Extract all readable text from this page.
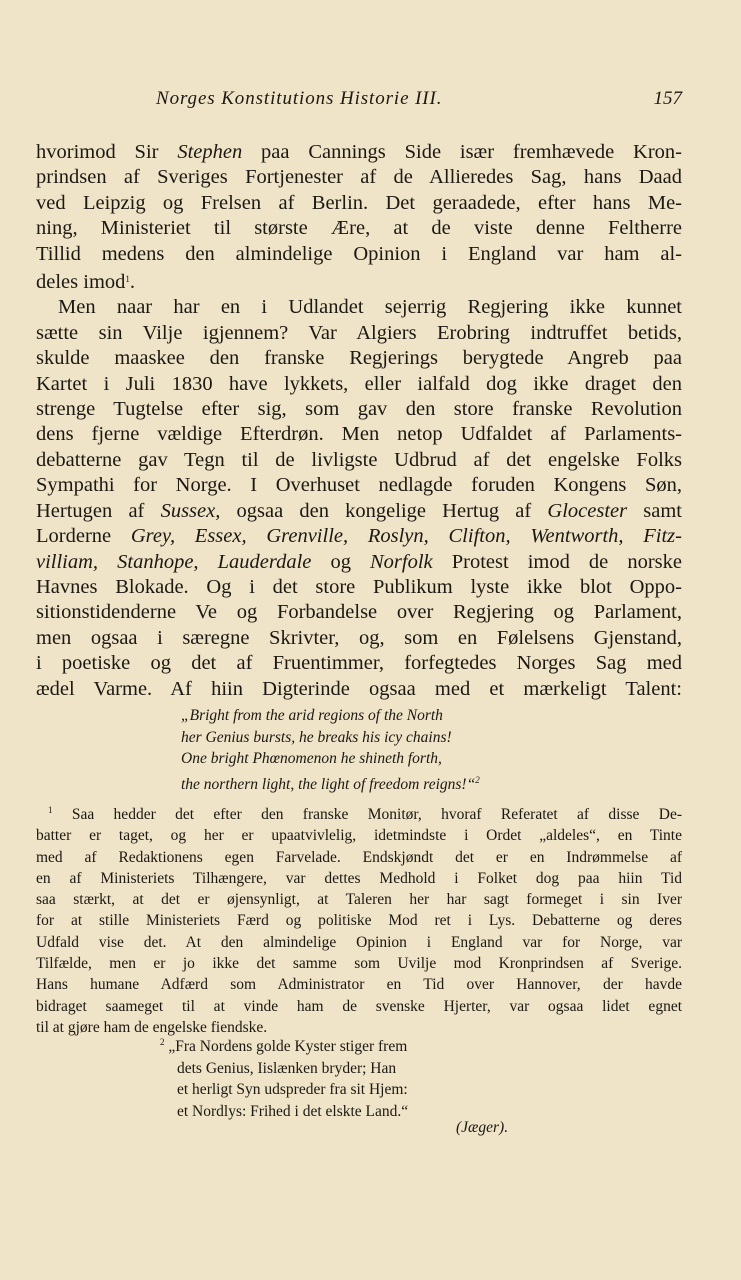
Norges Konstitutions Historie III.	157
hvorimod Sir Stephen paa Cannings Side især fremhævede Kron-
prindsen af Sveriges Fortjenester af de Allieredes Sag, hans Daad
ved Leipzig og Frelsen af Berlin. Det geraadede, efter hans Me-
ning, Ministeriet til største Ære, at de viste denne Feltherre
Tillid medens den almindelige Opinion i England var ham al-
deles imod$^1$.
Men naar har en i Udlandet sejerrig Regjering ikke kunnet
sætte sin Vilje igjennem? Var Algiers Erobring indtruffet betids,
skulde maaskee den franske Regjerings berygtede Angreb paa
Kartet i Juli 1830 have lykkets, eller ialfald dog ikke draget den
strenge Tugtelse efter sig, som gav den store franske Revolution
dens fjerne vældige Efterdrøn. Men netop Udfaldet af Parlaments-
debatterne gav Tegn til de livligste Udbrud af det engelske Folks
Sympathi for Norge. I Overhuset nedlagde foruden Kongens Søn,
Hertugen af Sussex, ogsaa den kongelige Hertug af Glocester samt
Lorderne Grey, Essex, Grenville, Roslyn, Clifton, Wentworth, Fitz-
villiam, Stanhope, Lauderdale og Norfolk Protest imod de norske
Havnes Blokade. Og i det store Publikum lyste ikke blot Oppo-
sitionstidenderne Ve og Forbandelse over Regjering og Parlament,
men ogsaa i særegne Skrivter, og, som en Følelsens Gjenstand,
i poetiske og det af Fruentimmer, forfegtedes Norges Sag med
ædel Varme. Af hiin Digterinde ogsaa med et mærkeligt Talent:
„Bright from the arid regions of the North
her Genius bursts, he breaks his icy chains!
One bright Phœnomenon he shineth forth,
the northern light, the light of freedom reigns!“$^2$
$^1$ Saa hedder det efter den franske Monitør, hvoraf Referatet af disse De-
batter er taget, og her er upaatvivlelig, idetmindste i Ordet „aldeles“, en Tinte
med af Redaktionens egen Farvelade. Endskjøndt det er en Indrømmelse af
en af Ministeriets Tilhængere, var dettes Medhold i Folket dog paa hiin Tid
saa stærkt, at det er øjensynligt, at Taleren her har sagt formeget i sin Iver
for at stille Ministeriets Færd og politiske Mod ret i Lys. Debatterne og deres
Udfald vise det. At den almindelige Opinion i England var for Norge, var
Tilfælde, men er jo ikke det samme som Uvilje mod Kronprindsen af Sverige.
Hans humane Adfærd som Administrator en Tid over Hannover, der havde
bidraget saameget til at vinde ham de svenske Hjerter, var ogsaa lidet egnet
til at gjøre ham de engelske fiendske.
$^2$ „Fra Nordens golde Kyster stiger frem
dets Genius, Iislænken bryder; Han
et herligt Syn udspreder fra sit Hjem:
et Nordlys: Frihed i det elskte Land.“
(Jæger).
